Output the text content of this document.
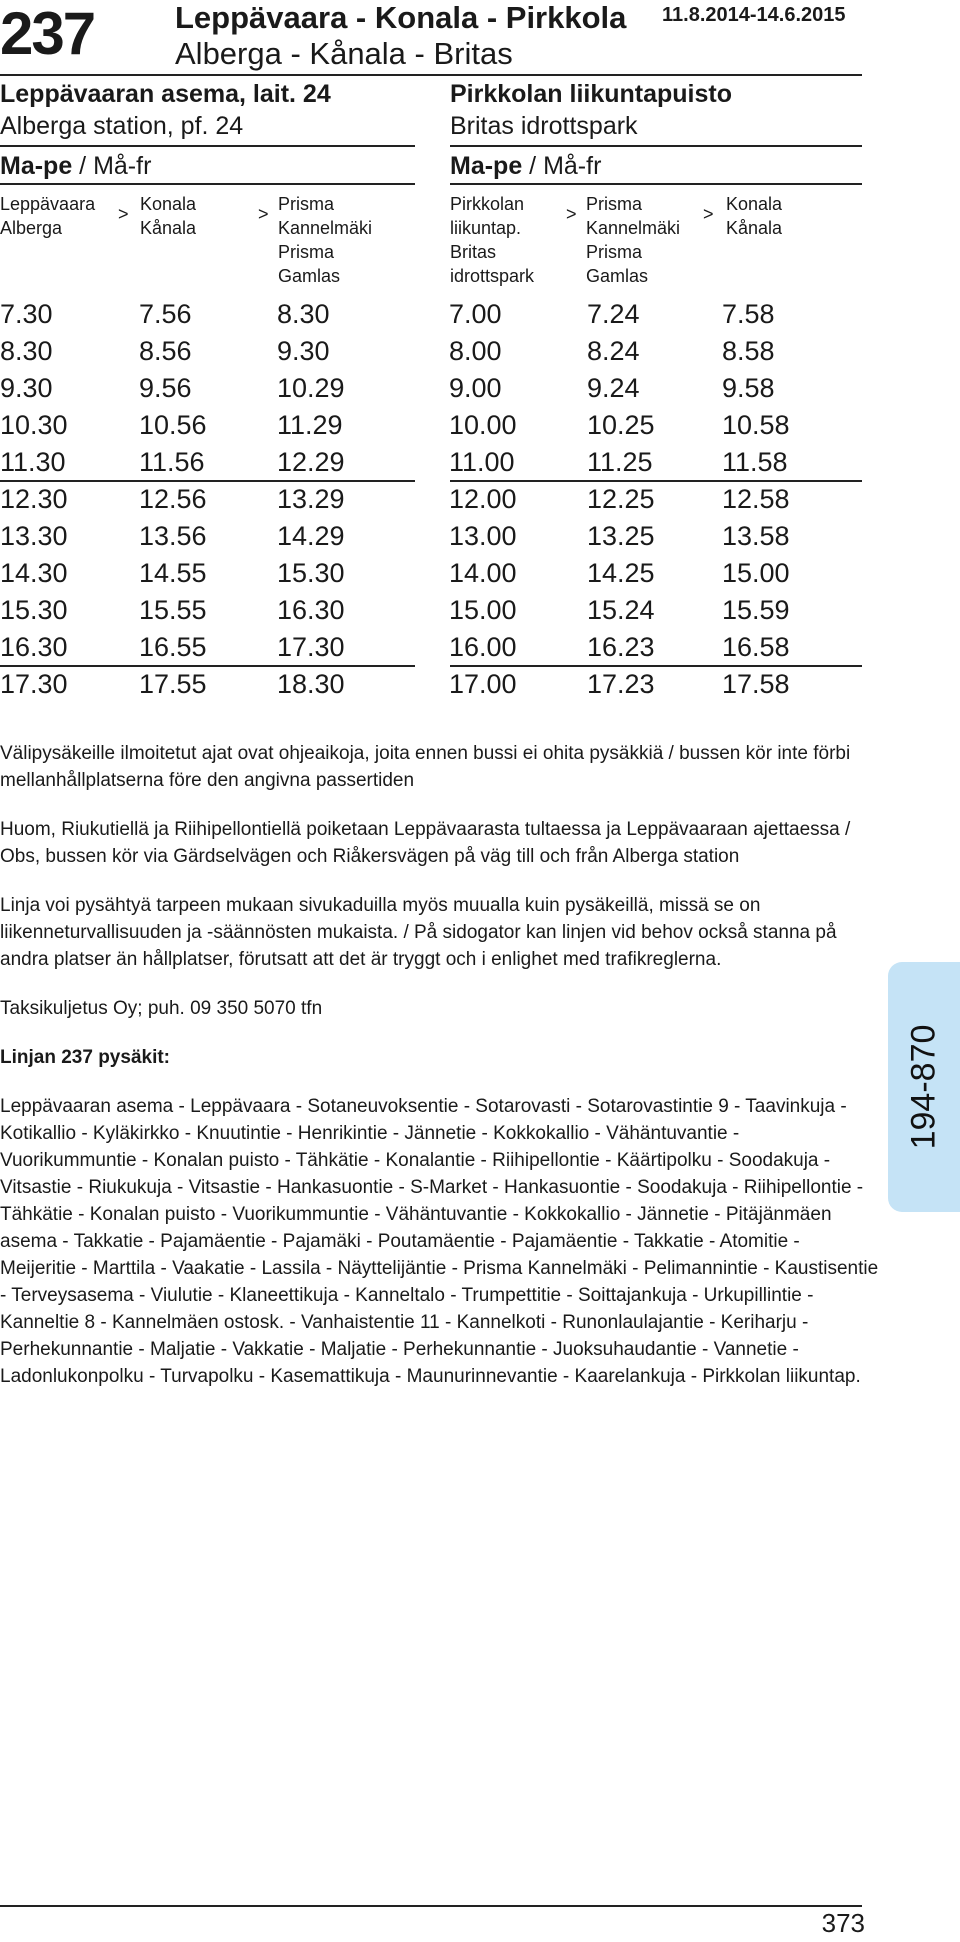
237	Leppävaara - Konala - Pirkkola
Alberga - Kånala - Britas
11.8.2014-14.6.2015
Leppävaaran asema, lait. 24
Alberga station, pf. 24
Ma-pe / Må-fr
Pirkkolan liikuntapuisto
Britas idrottspark
Ma-pe / Må-fr
Leppävaara
Alberga
> Konala
Kånala
> Prisma
Kannelmäki
Prisma
Gamlas
Pirkkolan
liikuntap.
Britas
idrottspark
> Prisma
Kannelmäki
Prisma
Gamlas
> Konala
Kånala
7.30	7.56	8.30	7.00	7.24	7.58
8.30	8.56	9.30	8.00	8.24	8.58
9.30	9.56	10.29	9.00	9.24	9.58
10.30	10.56	11.29	10.00	10.25 10.58
11.30	11.56	12.29	11.00	11.25	11.58
12.30	12.56	13.29	12.00	12.25 12.58
13.30	13.56	14.29	13.00	13.25 13.58
14.30	14.55	15.30	14.00	14.25 15.00
15.30	15.55	16.30	15.00	15.24 15.59
16.30	16.55	17.30	16.00	16.23 16.58
17.30	17.55	18.30	17.00	17.23 17.58

Välipysäkeille ilmoitetut ajat ovat ohjeaikoja, joita ennen bussi ei ohita pysäkkiä / bussen kör inte förbi mellanhållplatserna före den angivna passertiden

Huom, Riukutiellä ja Riihipellontiellä poiketaan Leppävaarasta tultaessa ja Leppävaaraan ajettaessa / Obs, bussen kör via Gärdselvägen och Riåkersvägen på väg till och från Alberga station

Linja voi pysähtyä tarpeen mukaan sivukaduilla myös muualla kuin pysäkeillä, missä se on liikenneturvallisuuden ja -säännösten mukaista. / På sidogator kan linjen vid behov också stanna på andra platser än hållplatser, förutsatt att det är tryggt och i enlighet med trafikreglerna.

Taksikuljetus Oy; puh. 09 350 5070 tfn

Linjan 237 pysäkit:

Leppävaaran asema - Leppävaara - Sotaneuvoksentie - Sotarovasti - Sotarovastintie 9 - Taavinkuja - Kotikallio - Kyläkirkko - Knuutintie - Henrikintie - Jännetie - Kokkokallio - Vähäntuvantie - Vuorikummuntie - Konalan puisto - Tähkätie - Konalantie - Riihipellontie - Käärtipolku - Soodakuja - Vitsastie - Riukukuja - Vitsastie - Hankasuontie - S-Market - Hankasuontie - Soodakuja - Riihipellontie - Tähkätie - Konalan puisto - Vuorikummuntie - Vähäntuvantie - Kokkokallio - Jännetie - Pitäjänmäen asema - Takkatie - Pajamäentie - Pajamäki - Poutamäentie - Pajamäentie - Takkatie - Atomitie - Meijeritie - Marttila - Vaakatie - Lassila - Näyttelijäntie - Prisma Kannelmäki - Pelimannintie - Kaustisentie - Terveysasema - Viulutie - Klaneettikuja - Kanneltalo - Trumpettitie - Soittajankuja - Urkupillintie - Kanneltie 8 - Kannelmäen ostosk. - Vanhaistentie 11 - Kannelkoti - Runonlaulajantie - Keriharju - Perhekunnantie - Maljatie - Vakkatie - Maljatie - Perhekunnantie - Juoksuhaudantie - Vannetie - Ladonlukonpolku - Turvapolku - Kasemattikuja - Maunurinnevantie - Kaarelankuja - Pirkkolan liikuntap.

194-870
373
